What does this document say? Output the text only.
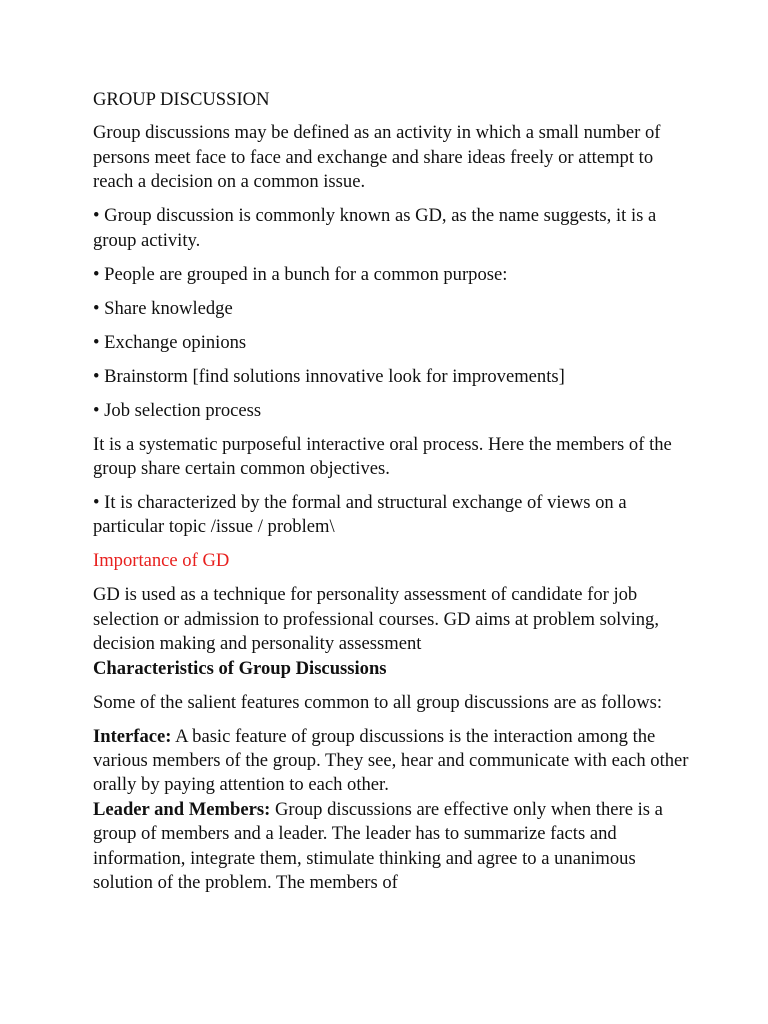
GROUP DISCUSSION

Group discussions may be defined as an activity in which a small number of persons meet face to face and exchange and share ideas freely or attempt to reach a decision on a common issue.

• Group discussion is commonly known as GD, as the name suggests, it is a group activity.

• People are grouped in a bunch for a common purpose:

• Share knowledge

• Exchange opinions

• Brainstorm [find solutions innovative look for improvements]

• Job selection process

It is a systematic purposeful interactive oral process. Here the members of the group share certain common objectives.

• It is characterized by the formal and structural exchange of views on a particular topic /issue / problem\

Importance of GD

GD is used as a technique for personality assessment of candidate for job selection or admission to professional courses. GD aims at problem solving, decision making and personality assessment

Characteristics of Group Discussions

Some of the salient features common to all group discussions are as follows:

Interface: A basic feature of group discussions is the interaction among the various members of the group. They see, hear and communicate with each other orally by paying attention to each other.

Leader and Members: Group discussions are effective only when there is a group of members and a leader. The leader has to summarize facts and information, integrate them, stimulate thinking and agree to a unanimous solution of the problem. The members of
